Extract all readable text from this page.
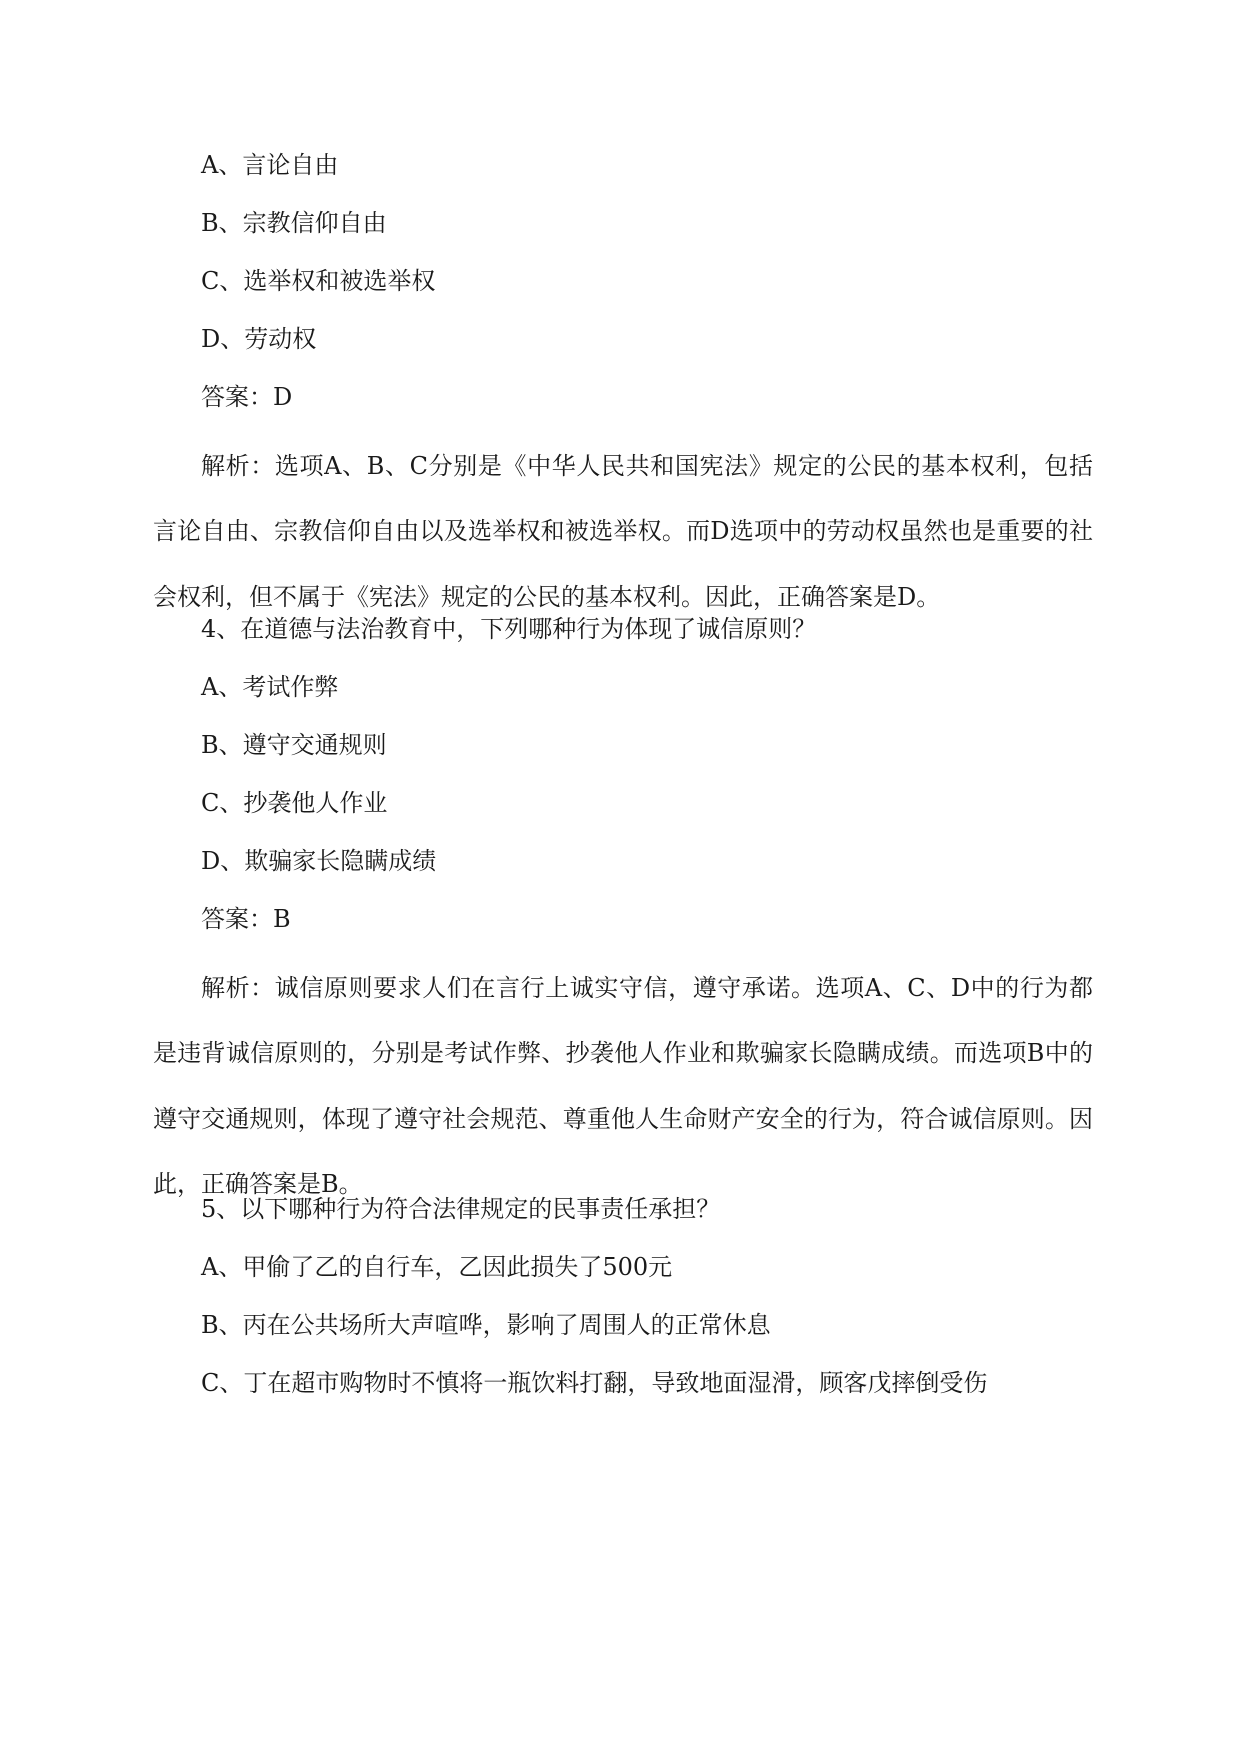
A、言论自由
B、宗教信仰自由
C、选举权和被选举权
D、劳动权
答案：D
解析：选项A、B、C分别是《中华人民共和国宪法》规定的公民的基本权利，包括言论自由、宗教信仰自由以及选举权和被选举权。而D选项中的劳动权虽然也是重要的社会权利，但不属于《宪法》规定的公民的基本权利。因此，正确答案是D。
4、在道德与法治教育中，下列哪种行为体现了诚信原则？
A、考试作弊
B、遵守交通规则
C、抄袭他人作业
D、欺骗家长隐瞒成绩
答案：B
解析：诚信原则要求人们在言行上诚实守信，遵守承诺。选项A、C、D中的行为都是违背诚信原则的，分别是考试作弊、抄袭他人作业和欺骗家长隐瞒成绩。而选项B中的遵守交通规则，体现了遵守社会规范、尊重他人生命财产安全的行为，符合诚信原则。因此，正确答案是B。
5、以下哪种行为符合法律规定的民事责任承担？
A、甲偷了乙的自行车，乙因此损失了500元
B、丙在公共场所大声喧哗，影响了周围人的正常休息
C、丁在超市购物时不慎将一瓶饮料打翻，导致地面湿滑，顾客戊摔倒受伤
